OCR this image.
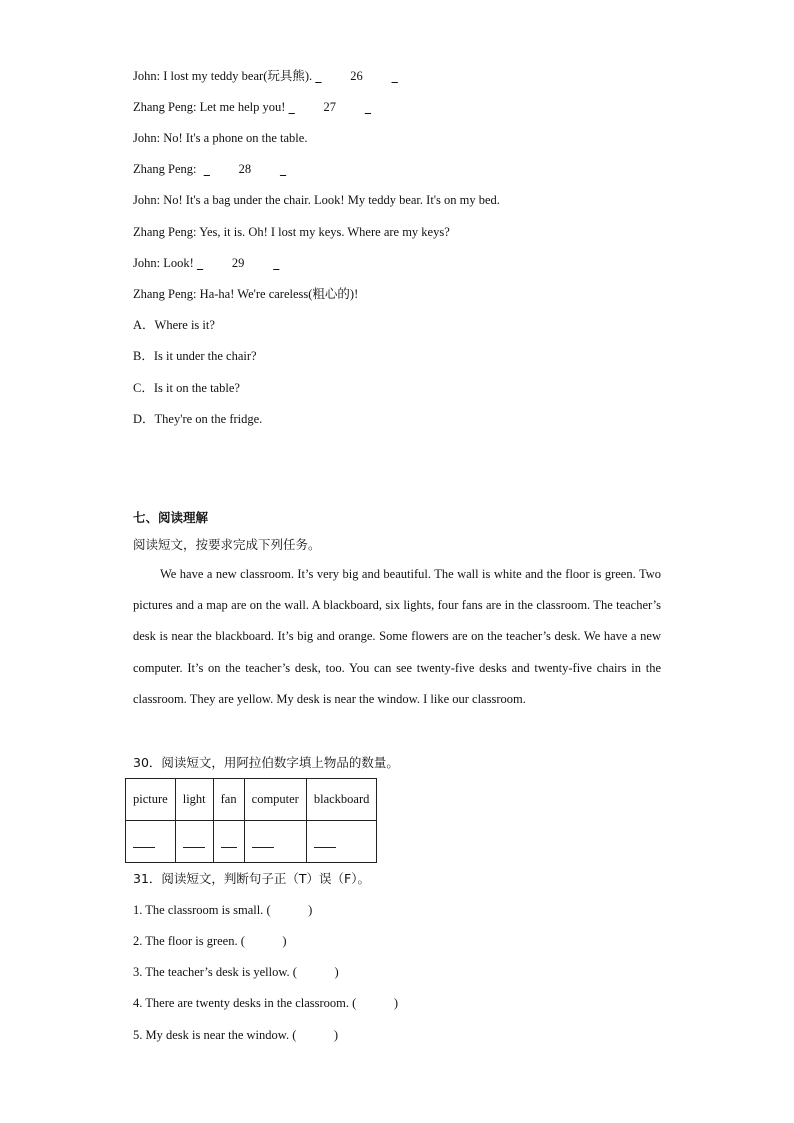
John: I lost my teddy bear(玩具熊).	26
Zhang Peng: Let me help you!	27
John: No! It's a phone on the table.
Zhang Peng:	28
John: No! It's a bag under the chair. Look! My teddy bear. It's on my bed.
Zhang Peng: Yes, it is. Oh! I lost my keys. Where are my keys?
John: Look!	29
Zhang Peng: Ha-ha! We're careless(粗心的)!
A．Where is it?
B．Is it under the chair?
C．Is it on the table?
D．They're on the fridge.
七、阅读理解
阅读短文，按要求完成下列任务。
We have a new classroom. It’s very big and beautiful. The wall is white and the floor is green. Two pictures and a map are on the wall. A blackboard, six lights, four fans are in the classroom. The teacher’s desk is near the blackboard. It’s big and orange. Some flowers are on the teacher’s desk. We have a new computer. It’s on the teacher’s desk, too. You can see twenty-five desks and twenty-five chairs in the classroom. They are yellow. My desk is near the window. I like our classroom.
30．阅读短文，用阿拉伯数字填上物品的数量。
picture	light	fan	computer	blackboard

31．阅读短文，判断句子正（T）误（F）。
1. The classroom is small. (            )
2. The floor is green. (            )
3. The teacher’s desk is yellow. (            )
4. There are twenty desks in the classroom. (            )
5. My desk is near the window. (            )
